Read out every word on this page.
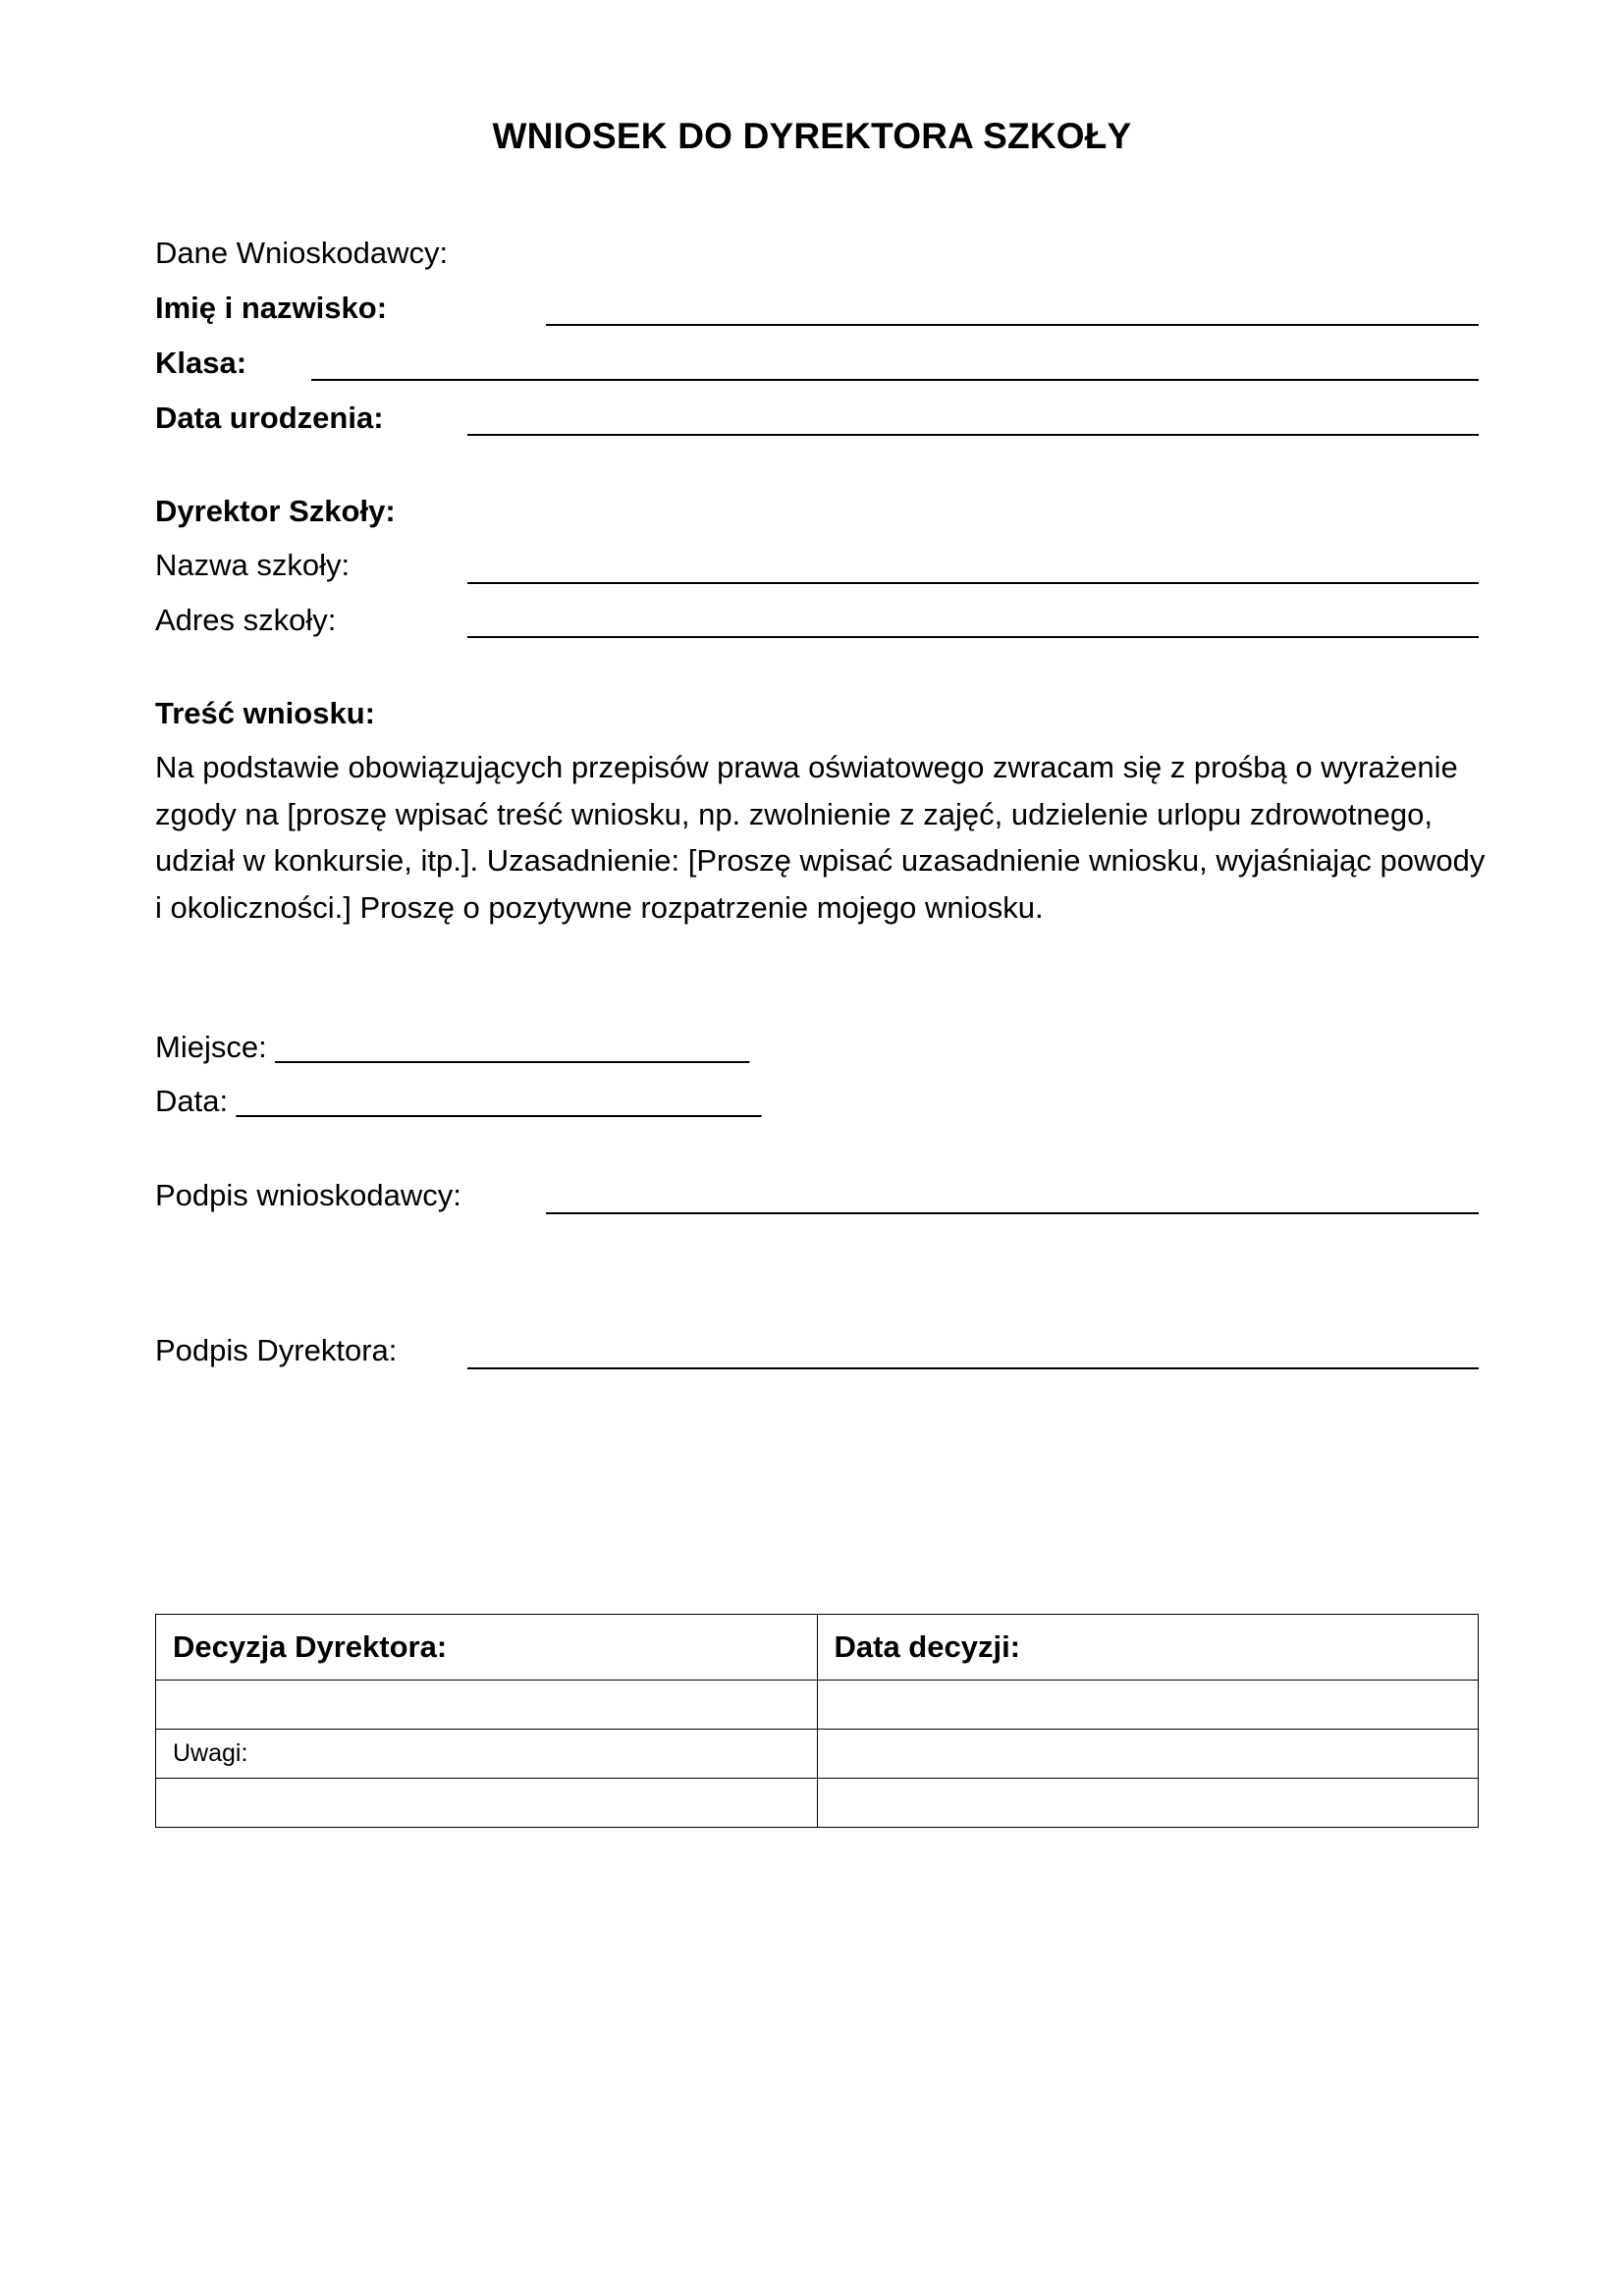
WNIOSEK DO DYREKTORA SZKOŁY
Dane Wnioskodawcy:
Imię i nazwisko:
Klasa:
Data urodzenia:
Dyrektor Szkoły:
Nazwa szkoły:
Adres szkoły:
Treść wniosku:
Na podstawie obowiązujących przepisów prawa oświatowego zwracam się z prośbą o wyrażenie
zgody na [proszę wpisać treść wniosku, np. zwolnienie z zajęć, udzielenie urlopu zdrowotnego,
udział w konkursie, itp.]. Uzasadnienie: [Proszę wpisać uzasadnienie wniosku, wyjaśniając powody
i okoliczności.] Proszę o pozytywne rozpatrzenie mojego wniosku.
Miejsce: ____________________________
Data: _______________________________
Podpis wnioskodawcy:
Podpis Dyrektora:
Decyzja Dyrektora:	Data decyzji:

Uwagi:	
